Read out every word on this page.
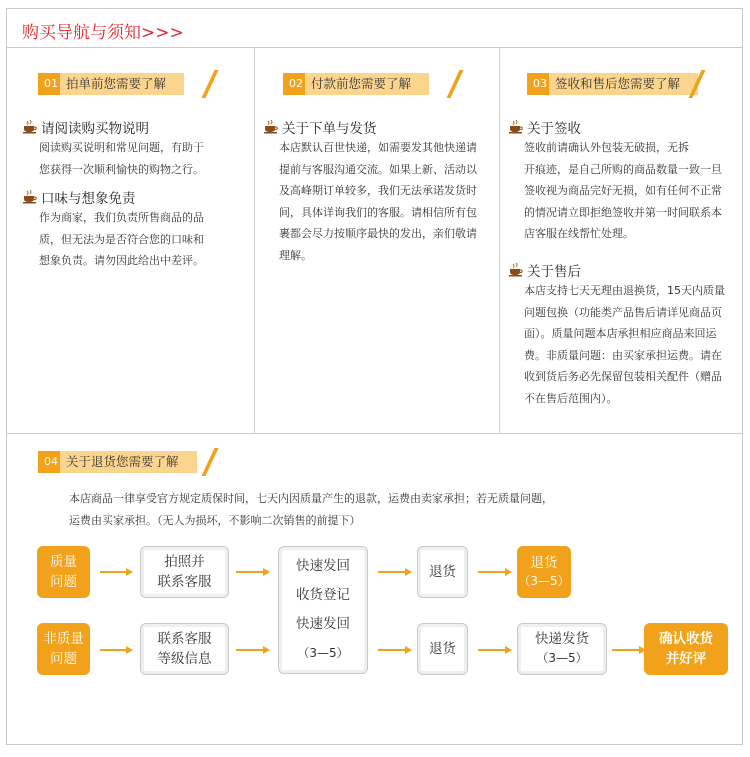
购买导航与须知>>>
01 拍单前您需要了解
请阅读购买物说明
阅读购买说明和常见问题，有助于
您获得一次顺利愉快的购物之行。
口味与想象免责
作为商家，我们负责所售商品的品
质，但无法为是否符合您的口味和
想象负责。请勿因此给出中差评。
02 付款前您需要了解
关于下单与发货
本店默认百世快递，如需要发其他快递请
提前与客服沟通交流。如果上新、活动以
及高峰期订单较多，我们无法承诺发货时
间，具体详询我们的客服。请相信所有包
裹都会尽力按顺序最快的发出，亲们敬请
理解。
03 签收和售后您需要了解
关于签收
签收前请确认外包装无破损，无拆
开痕迹，是自己所购的商品数量一致一旦
签收视为商品完好无损，如有任何不正常
的情况请立即拒绝签收并第一时间联系本
店客服在线帮忙处理。
关于售后
本店支持七天无理由退换货，15天内质量
问题包换（功能类产品售后请详见商品页
面）。质量问题本店承担相应商品来回运
费。非质量问题：由买家承担运费。请在
收到货后务必先保留包装相关配件（赠品
不在售后范围内）。
04 关于退货您需要了解
本店商品一律享受官方规定质保时间，七天内因质量产生的退款，运费由卖家承担；若无质量问题，
运费由买家承担。（无人为损坏，不影响二次销售的前提下）
质量
问题
拍照并
联系客服
快速发回
收货登记
快速发回
（3—5）
退货
退货
（3—5）
非质量
问题
联系客服
等级信息
退货
快递发货
（3—5）
确认收货
并好评
